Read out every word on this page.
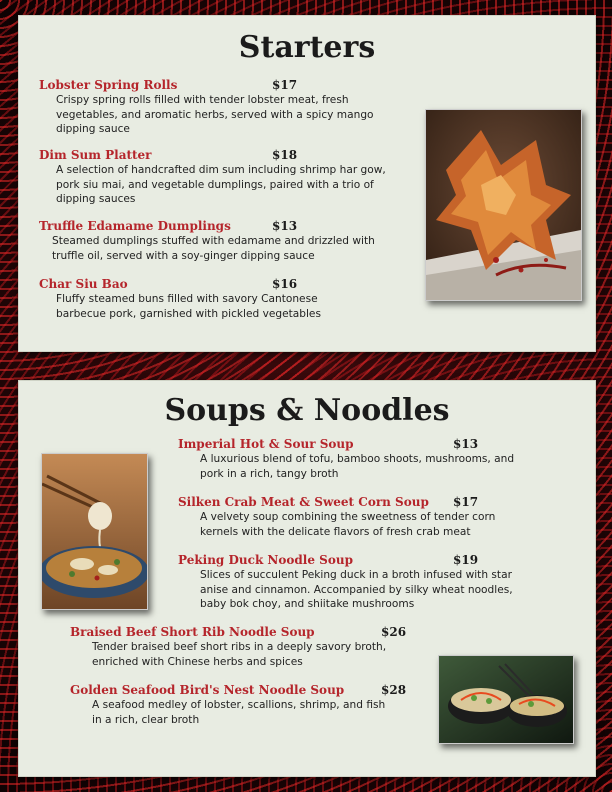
Starters
Lobster Spring Rolls	$17

Crispy spring rolls filled with tender lobster meat, fresh vegetables, and aromatic herbs, served with a spicy mango dipping sauce

Dim Sum Platter	$18

A selection of handcrafted dim sum including shrimp har gow, pork siu mai, and vegetable dumplings, paired with a trio of dipping sauces

Truffle Edamame Dumplings	$13

Steamed dumplings stuffed with edamame and drizzled with truffle oil, served with a soy-ginger dipping sauce

Char Siu Bao	$16

Fluffy steamed buns filled with savory Cantonese barbecue pork, garnished with pickled vegetables

Soups & Noodles
Imperial Hot & Sour Soup	$13

A luxurious blend of tofu, bamboo shoots, mushrooms, and pork in a rich, tangy broth

Silken Crab Meat & Sweet Corn Soup $17

A velvety soup combining the sweetness of tender corn kernels with the delicate flavors of fresh crab meat

Peking Duck Noodle Soup	$19

Slices of succulent Peking duck in a broth infused with star anise and cinnamon. Accompanied by silky wheat noodles, baby bok choy, and shiitake mushrooms

Braised Beef Short Rib Noodle Soup	$26

Tender braised beef short ribs in a deeply savory broth, enriched with Chinese herbs and spices

Golden Seafood Bird's Nest Noodle Soup	$28

A seafood medley of lobster, scallions, shrimp, and fish in a rich, clear broth
